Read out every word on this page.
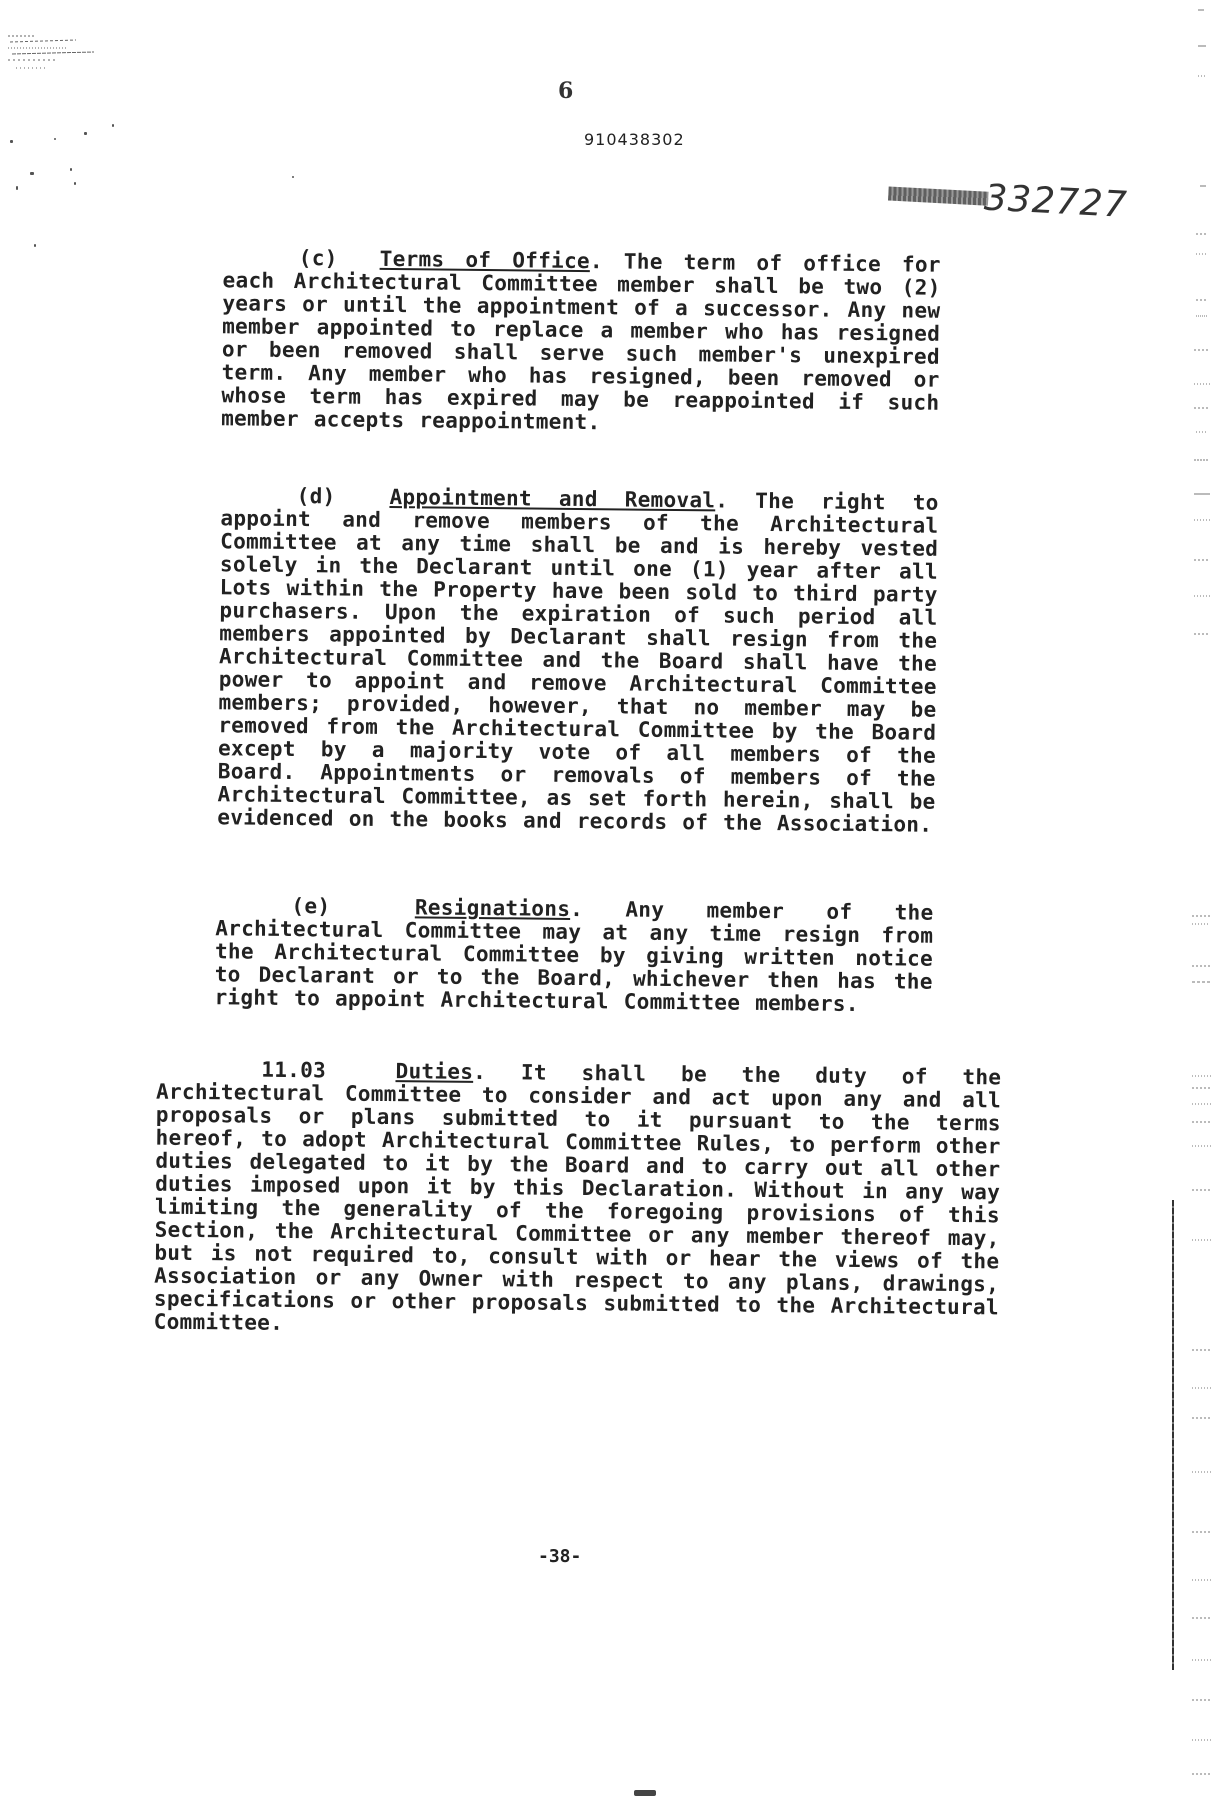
6
910438302
332727
(c) Terms of Office. The term of office for each Architectural Committee member shall be two (2) years or until the appointment of a successor. Any new member appointed to replace a member who has resigned or been removed shall serve such member's unexpired term. Any member who has resigned, been removed or whose term has expired may be reappointed if such member accepts reappointment.
(d)	Appointment and Removal. The right to appoint and remove members of the Architectural Committee at any time shall be and is hereby vested solely in the Declarant until one (1) year after all Lots within the Property have been sold to third party purchasers. Upon the expiration of such period all members appointed by Declarant shall resign from the Architectural Committee and the Board shall have the power to appoint and remove Architectural Committee members; provided, however, that no member may be removed from the Architectural Committee by the Board except by a majority vote of all members of the Board. Appointments or removals of members of the Architectural Committee, as set forth herein, shall be evidenced on the books and records of the Association.
(e)	Resignations. Any member of the Architectural Committee may at any time resign from the Architectural Committee by giving written notice to Declarant or to the Board, whichever then has the right to appoint Architectural Committee members.
11.03	Duties. It shall be the duty of the Architectural Committee to consider and act upon any and all proposals or plans submitted to it pursuant to the terms hereof, to adopt Architectural Committee Rules, to perform other duties delegated to it by the Board and to carry out all other duties imposed upon it by this Declaration. Without in any way limiting the generality of the foregoing provisions of this Section, the Architectural Committee or any member thereof may, but is not required to, consult with or hear the views of the Association or any Owner with respect to any plans, drawings, specifications or other proposals submitted to the Architectural Committee.
-38-
